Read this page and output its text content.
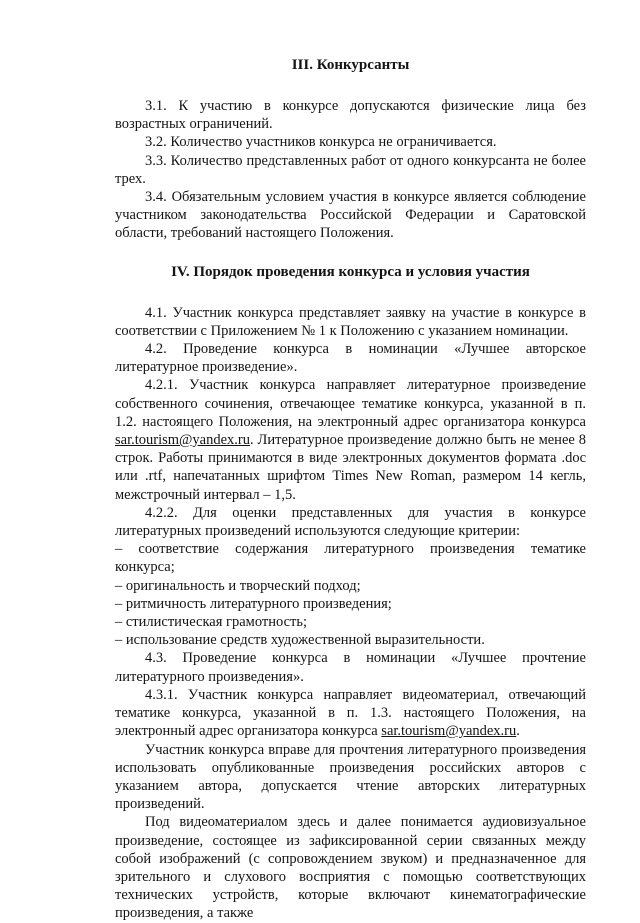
III. Конкурсанты

3.1. К участию в конкурсе допускаются физические лица без возрастных ограничений.

3.2. Количество участников конкурса не ограничивается.

3.3. Количество представленных работ от одного конкурсанта не более трех.

3.4. Обязательным условием участия в конкурсе является соблюдение участником законодательства Российской Федерации и Саратовской области, требований настоящего Положения.

IV. Порядок проведения конкурса и условия участия

4.1. Участник конкурса представляет заявку на участие в конкурсе в соответствии с Приложением № 1 к Положению с указанием номинации.

4.2. Проведение конкурса в номинации «Лучшее авторское литературное произведение».

4.2.1. Участник конкурса направляет литературное произведение собственного сочинения, отвечающее тематике конкурса, указанной в п. 1.2. настоящего Положения, на электронный адрес организатора конкурса sar.tourism@yandex.ru. Литературное произведение должно быть не менее 8 строк. Работы принимаются в виде электронных документов формата .doc или .rtf, напечатанных шрифтом Times New Roman, размером 14 кегль, межстрочный интервал – 1,5.

4.2.2. Для оценки представленных для участия в конкурсе литературных произведений используются следующие критерии:

– соответствие содержания литературного произведения тематике конкурса;

– оригинальность и творческий подход;

– ритмичность литературного произведения;

– стилистическая грамотность;

– использование средств художественной выразительности.

4.3. Проведение конкурса в номинации «Лучшее прочтение литературного произведения».

4.3.1. Участник конкурса направляет видеоматериал, отвечающий тематике конкурса, указанной в п. 1.3. настоящего Положения, на электронный адрес организатора конкурса sar.tourism@yandex.ru.

Участник конкурса вправе для прочтения литературного произведения использовать опубликованные произведения российских авторов с указанием автора, допускается чтение авторских литературных произведений.

Под видеоматериалом здесь и далее понимается аудиовизуальное произведение, состоящее из зафиксированной серии связанных между собой изображений (с сопровождением звуком) и предназначенное для зрительного и слухового восприятия с помощью соответствующих технических устройств, которые включают кинематографические произведения, а также
